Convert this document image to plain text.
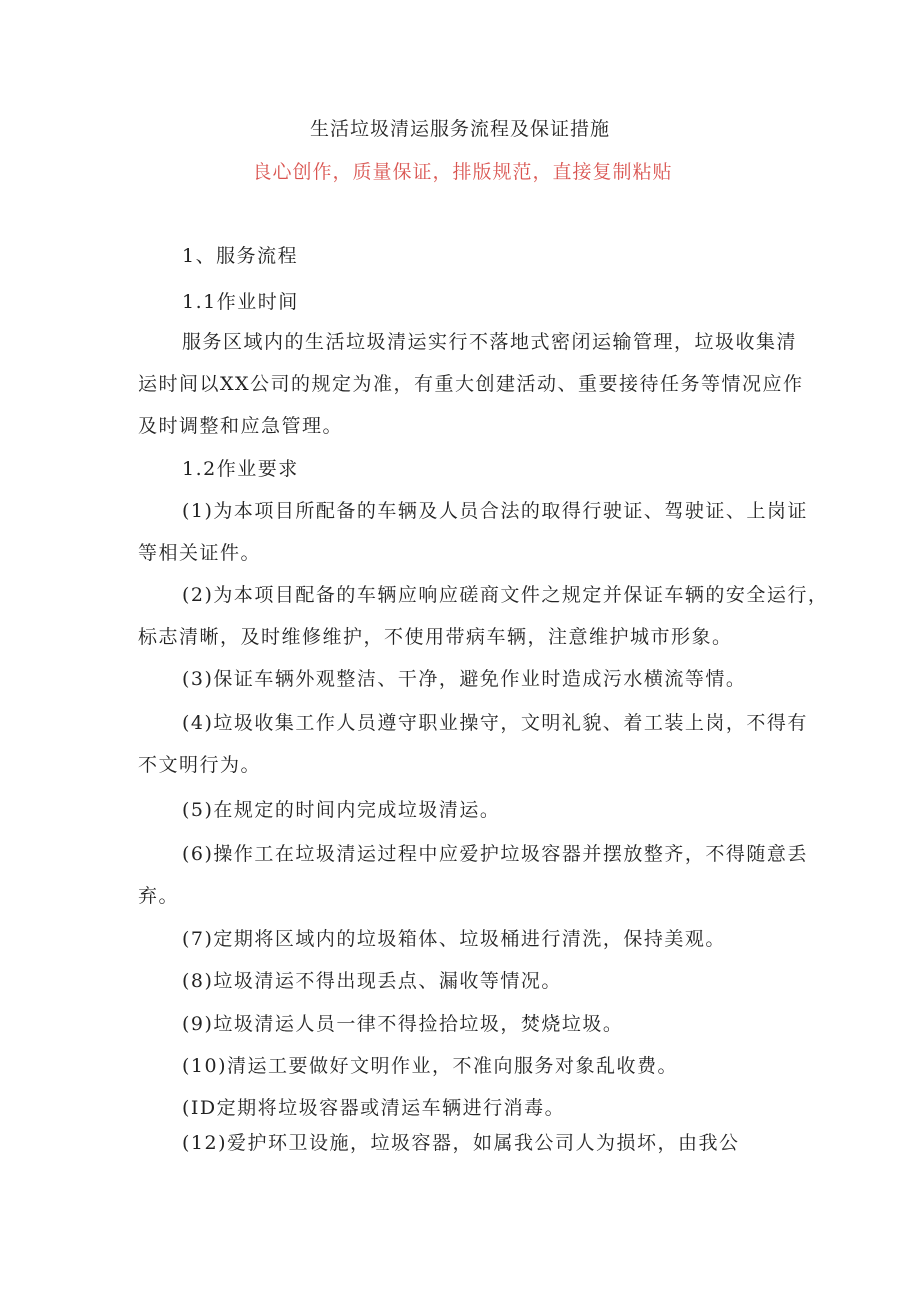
生活垃圾清运服务流程及保证措施
良心创作，质量保证，排版规范，直接复制粘贴
1、服务流程
1.1作业时间
服务区域内的生活垃圾清运实行不落地式密闭运输管理，垃圾收集清
运时间以XX公司的规定为准，有重大创建活动、重要接待任务等情况应作
及时调整和应急管理。
1.2作业要求
(1)为本项目所配备的车辆及人员合法的取得行驶证、驾驶证、上岗证
等相关证件。
(2)为本项目配备的车辆应响应磋商文件之规定并保证车辆的安全运行，
标志清晰，及时维修维护，不使用带病车辆，注意维护城市形象。
(3)保证车辆外观整洁、干净，避免作业时造成污水横流等情。
(4)垃圾收集工作人员遵守职业操守，文明礼貌、着工装上岗，不得有
不文明行为。
(5)在规定的时间内完成垃圾清运。
(6)操作工在垃圾清运过程中应爱护垃圾容器并摆放整齐，不得随意丢
弃。
(7)定期将区域内的垃圾箱体、垃圾桶进行清洗，保持美观。
(8)垃圾清运不得出现丢点、漏收等情况。
(9)垃圾清运人员一律不得捡拾垃圾，焚烧垃圾。
(10)清运工要做好文明作业，不准向服务对象乱收费。
(ID定期将垃圾容器或清运车辆进行消毒。
(12)爱护环卫设施，垃圾容器，如属我公司人为损坏，由我公
